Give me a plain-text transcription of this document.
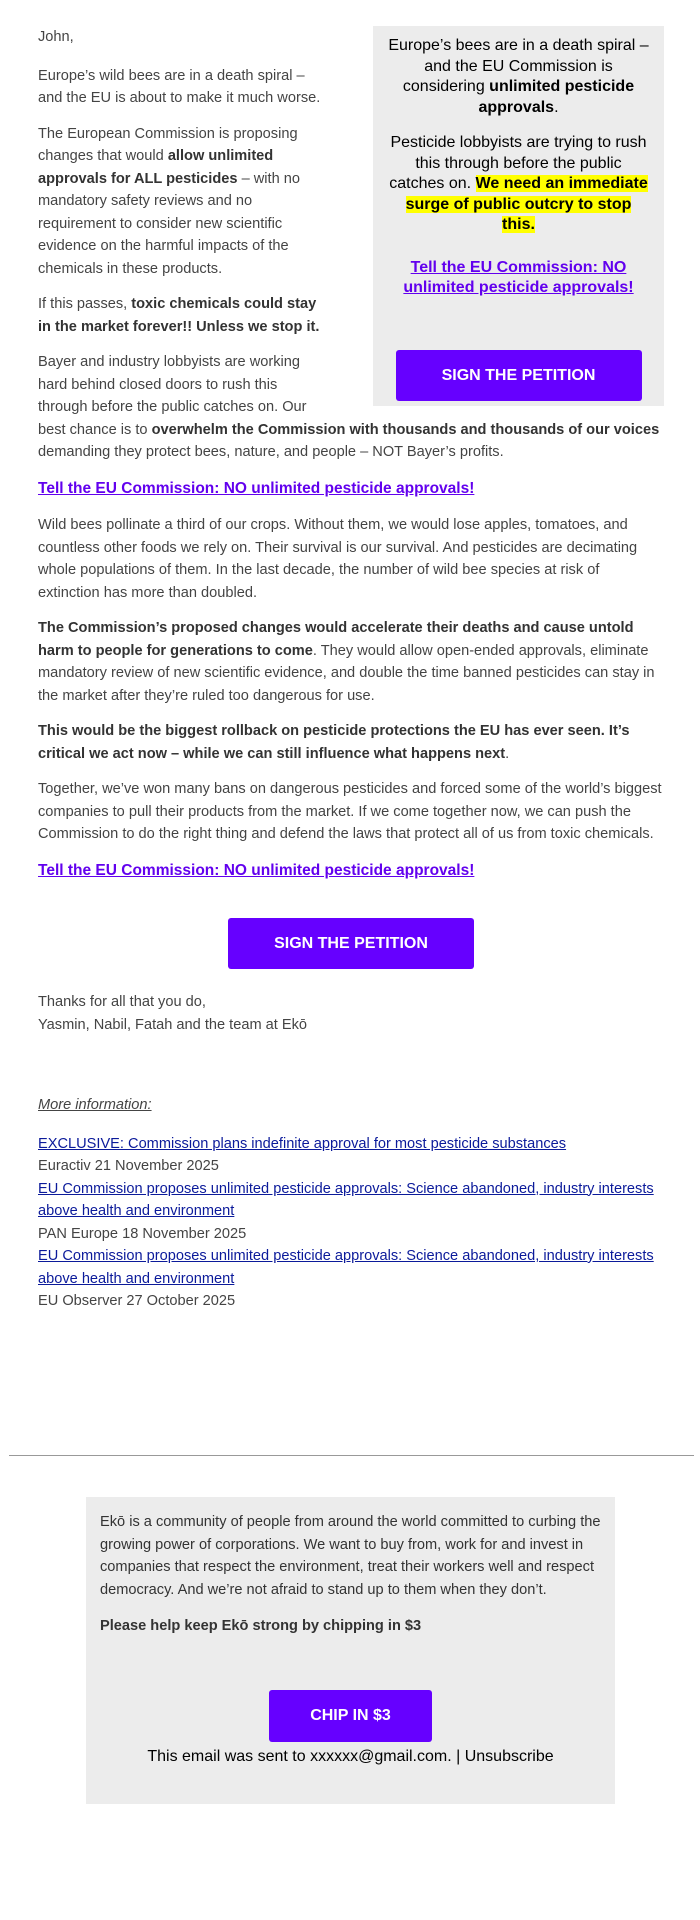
Europe’s bees are in a death spiral – and the EU Commission is considering unlimited pesticide approvals.

Pesticide lobbyists are trying to rush this through before the public catches on. We need an immediate surge of public outcry to stop this.

Tell the EU Commission: NO unlimited pesticide approvals!
SIGN THE PETITION

John,

Europe’s wild bees are in a death spiral – and the EU is about to make it much worse.

The European Commission is proposing changes that would allow unlimited approvals for ALL pesticides – with no mandatory safety reviews and no requirement to consider new scientific evidence on the harmful impacts of the chemicals in these products.

If this passes, toxic chemicals could stay in the market forever!! Unless we stop it.

Bayer and industry lobbyists are working hard behind closed doors to rush this through before the public catches on. Our best chance is to overwhelm the Commission with thousands and thousands of our voices demanding they protect bees, nature, and people – NOT Bayer’s profits.

Tell the EU Commission: NO unlimited pesticide approvals!

Wild bees pollinate a third of our crops. Without them, we would lose apples, tomatoes, and countless other foods we rely on. Their survival is our survival. And pesticides are decimating whole populations of them. In the last decade, the number of wild bee species at risk of extinction has more than doubled.

The Commission’s proposed changes would accelerate their deaths and cause untold harm to people for generations to come. They would allow open-ended approvals, eliminate mandatory review of new scientific evidence, and double the time banned pesticides can stay in the market after they’re ruled too dangerous for use.

This would be the biggest rollback on pesticide protections the EU has ever seen. It’s critical we act now – while we can still influence what happens next.

Together, we’ve won many bans on dangerous pesticides and forced some of the world’s biggest companies to pull their products from the market. If we come together now, we can push the Commission to do the right thing and defend the laws that protect all of us from toxic chemicals.

Tell the EU Commission: NO unlimited pesticide approvals!
SIGN THE PETITION
Thanks for all that you do,
Yasmin, Nabil, Fatah and the team at Ekō
More information:
EXCLUSIVE: Commission plans indefinite approval for most pesticide substances
Euractiv 21 November 2025
EU Commission proposes unlimited pesticide approvals: Science abandoned, industry interests above health and environment
PAN Europe 18 November 2025
EU Commission proposes unlimited pesticide approvals: Science abandoned, industry interests above health and environment
EU Observer 27 October 2025

Ekō is a community of people from around the world committed to curbing the growing power of corporations. We want to buy from, work for and invest in companies that respect the environment, treat their workers well and respect democracy. And we’re not afraid to stand up to them when they don’t.

Please help keep Ekō strong by chipping in $3

CHIP IN $3
This email was sent to xxxxxx@gmail.com. | Unsubscribe
